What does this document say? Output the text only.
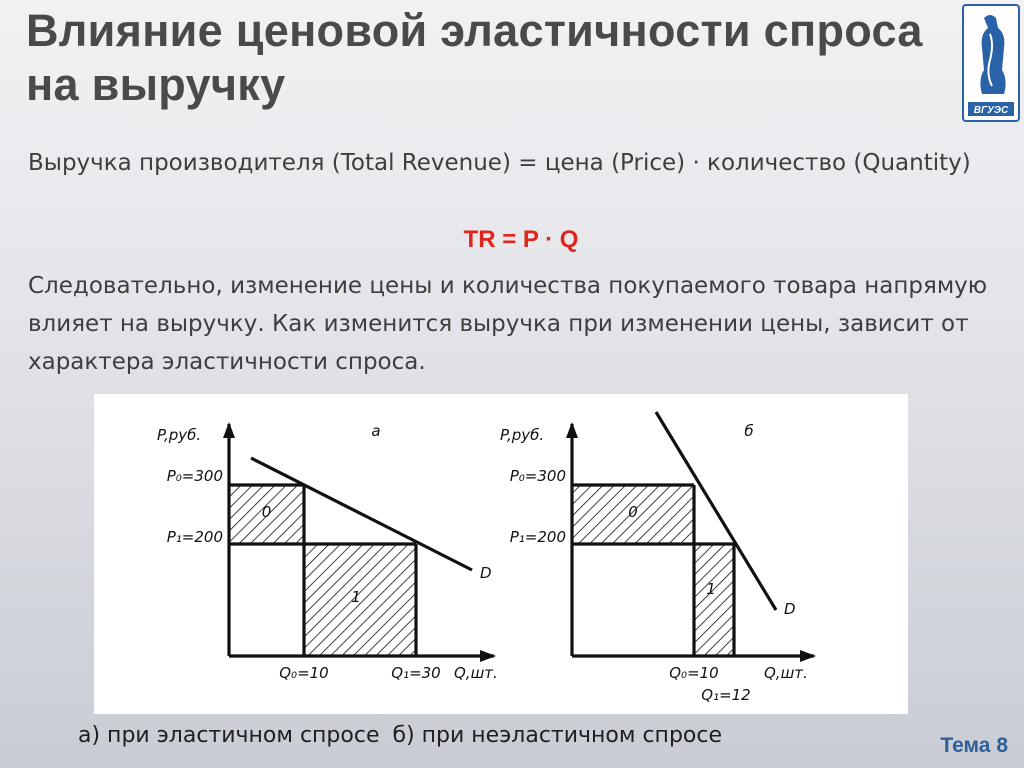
Влияние ценовой эластичности спроса на выручку
ВГУЭС
Выручка производителя (Total Revenue) = цена (Price) · количество (Quantity)
TR = P · Q
Следовательно, изменение цены и количества покупаемого товара напрямую влияет на выручку. Как изменится выручка при изменении цены, зависит от характера эластичности спроса.
P,руб.	а
P₀=300
P₁=200
0
1
D
Q₀=10	Q₁=30 Q,шт.
P,руб.	б
P₀=300
P₁=200
0
1
D
Q₀=10
Q₁=12
Q,шт.
а) при эластичном спросе б) при неэластичном спросе	Тема 8
